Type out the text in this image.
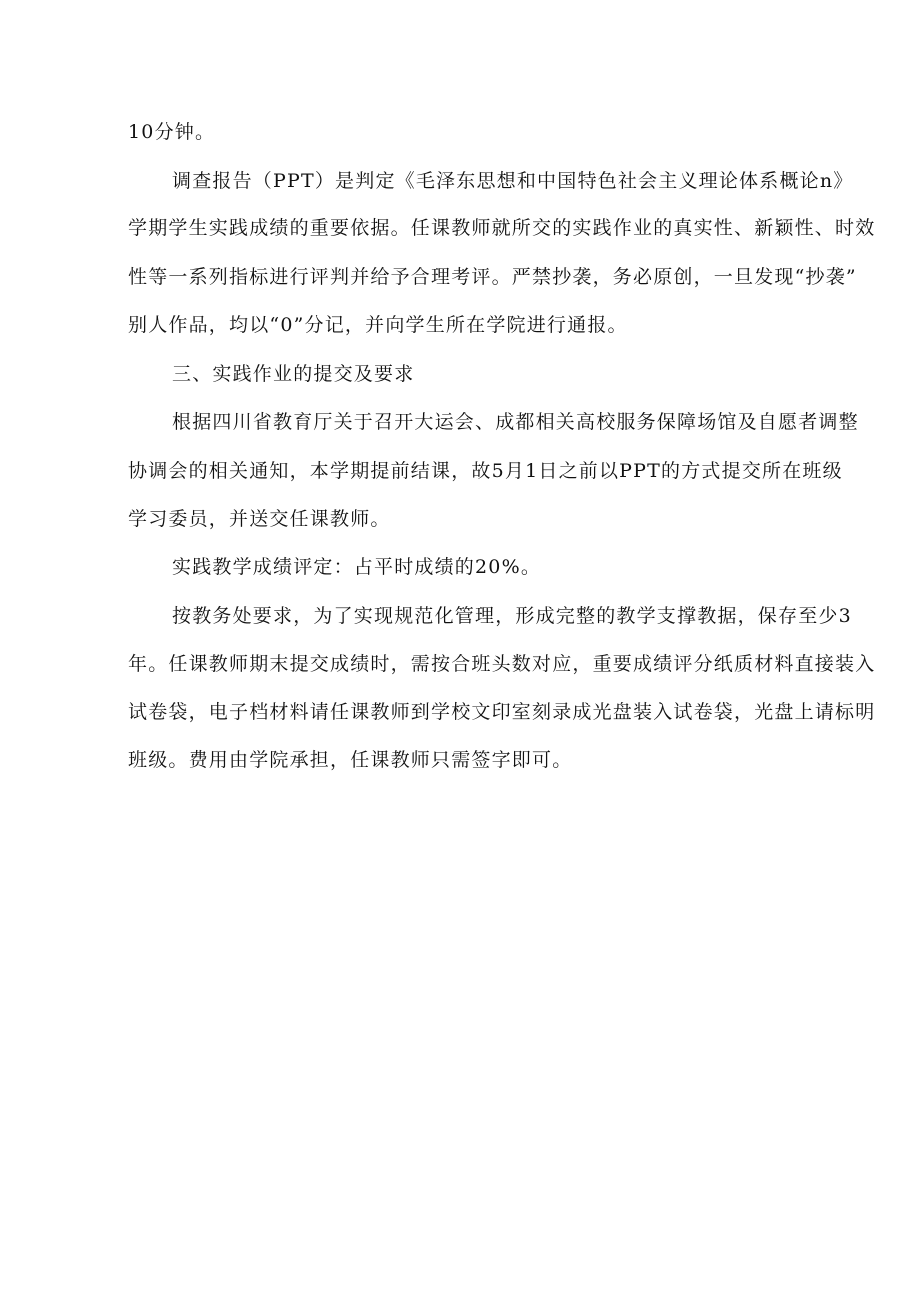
10分钟。
调查报告（PPT）是判定《毛泽东思想和中国特色社会主义理论体系概论n》
学期学生实践成绩的重要依据。任课教师就所交的实践作业的真实性、新颖性、时效
性等一系列指标进行评判并给予合理考评。严禁抄袭，务必原创，一旦发现“抄袭”
别人作品，均以“0”分记，并向学生所在学院进行通报。
三、实践作业的提交及要求
根据四川省教育厅关于召开大运会、成都相关高校服务保障场馆及自愿者调整
协调会的相关通知，本学期提前结课，故5月1日之前以PPT的方式提交所在班级
学习委员，并送交任课教师。
实践教学成绩评定：占平时成绩的20%。
按教务处要求，为了实现规范化管理，形成完整的教学支撑教据，保存至少3
年。任课教师期末提交成绩时，需按合班头数对应，重要成绩评分纸质材料直接装入
试卷袋，电子档材料请任课教师到学校文印室刻录成光盘装入试卷袋，光盘上请标明
班级。费用由学院承担，任课教师只需签字即可。
